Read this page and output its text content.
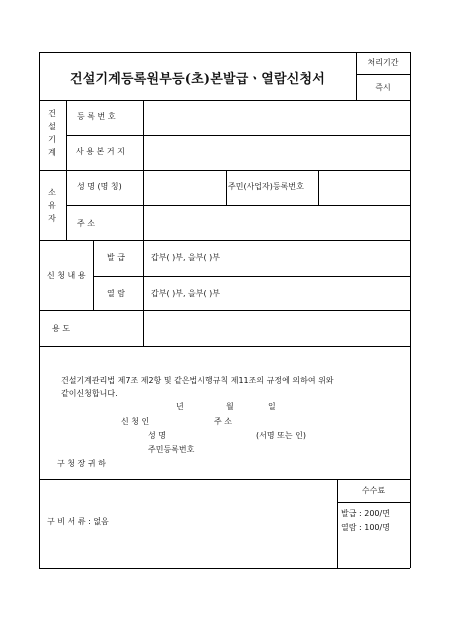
건설기계등록원부등(초)본발급ㆍ열람신청서
처리기간
즉시
건설기계
등 록 번 호
사 용 본 거 지
소유자
성 명 (명 칭)	주민(사업자)등록번호
주 소
신 청 내 용
발 급	갑부( )부, 을부( )부
열 람	갑부( )부, 을부( )부
용 도
건설기계관리법 제7조 제2항 및 같은법시행규칙 제11조의 규정에 의하여 위와
같이신청합니다.
년	월	일
신 청 인	주 소
성 명	(서명 또는 인)
주민등록번호
구 청 장 귀 하
구 비 서 류 : 없음
수수료
발급 : 200/면
열람 : 100/명
